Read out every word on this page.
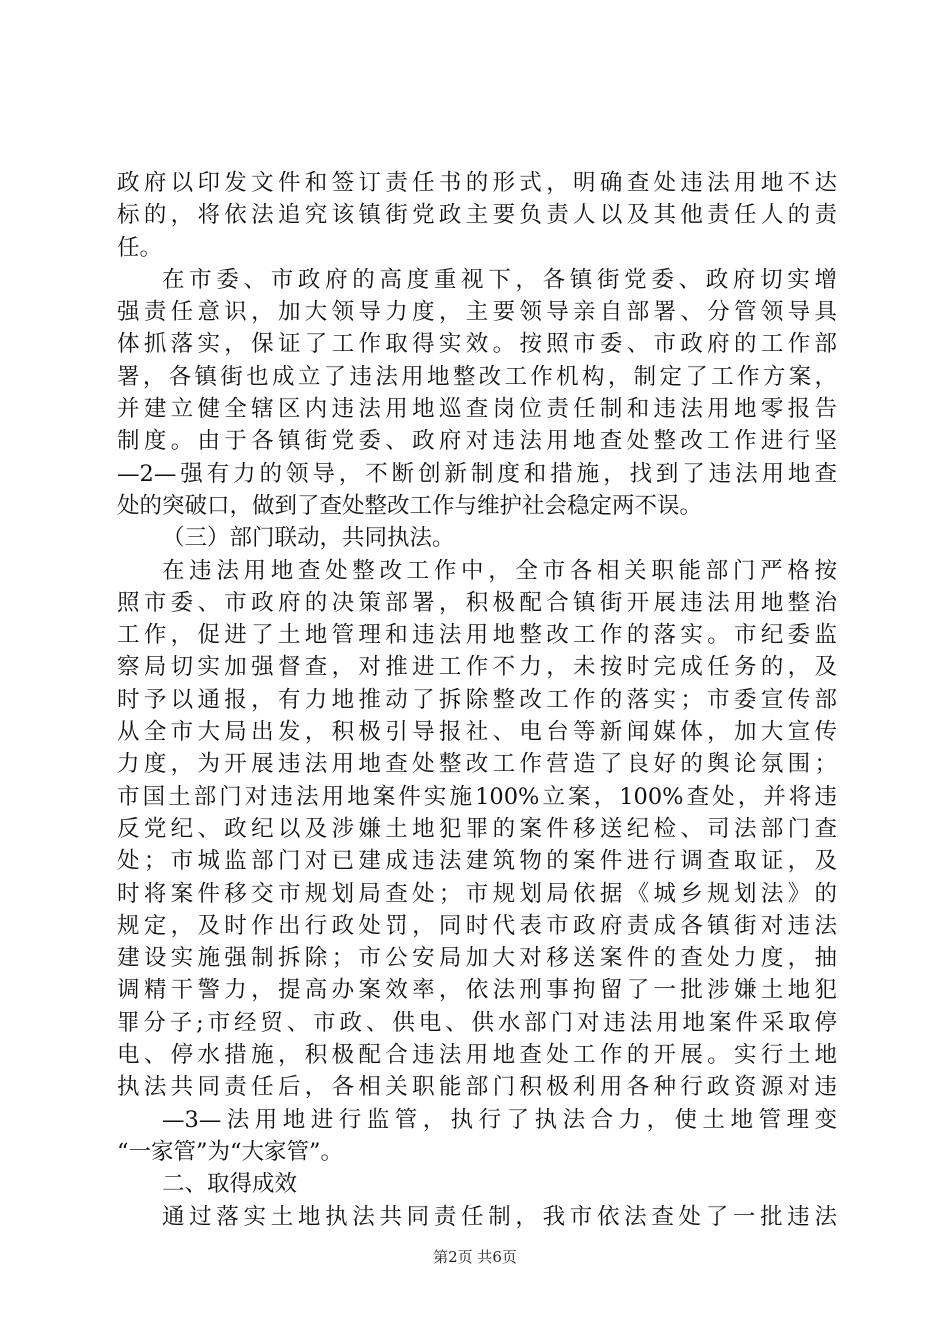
政府以印发文件和签订责任书的形式，明确查处违法用地不达
标的，将依法追究该镇街党政主要负责人以及其他责任人的责
任。
在市委、市政府的高度重视下，各镇街党委、政府切实增
强责任意识，加大领导力度，主要领导亲自部署、分管领导具
体抓落实，保证了工作取得实效。按照市委、市政府的工作部
署，各镇街也成立了违法用地整改工作机构，制定了工作方案，
并建立健全辖区内违法用地巡查岗位责任制和违法用地零报告
制度。由于各镇街党委、政府对违法用地查处整改工作进行坚
—2—强有力的领导，不断创新制度和措施，找到了违法用地查
处的突破口，做到了查处整改工作与维护社会稳定两不误。
（三）部门联动，共同执法。
在违法用地查处整改工作中，全市各相关职能部门严格按
照市委、市政府的决策部署，积极配合镇街开展违法用地整治
工作，促进了土地管理和违法用地整改工作的落实。市纪委监
察局切实加强督查，对推进工作不力，未按时完成任务的，及
时予以通报，有力地推动了拆除整改工作的落实；市委宣传部
从全市大局出发，积极引导报社、电台等新闻媒体，加大宣传
力度，为开展违法用地查处整改工作营造了良好的舆论氛围；
市国土部门对违法用地案件实施100%立案，100%查处，并将违
反党纪、政纪以及涉嫌土地犯罪的案件移送纪检、司法部门查
处；市城监部门对已建成违法建筑物的案件进行调查取证，及
时将案件移交市规划局查处；市规划局依据《城乡规划法》的
规定，及时作出行政处罚，同时代表市政府责成各镇街对违法
建设实施强制拆除；市公安局加大对移送案件的查处力度，抽
调精干警力，提高办案效率，依法刑事拘留了一批涉嫌土地犯
罪分子;市经贸、市政、供电、供水部门对违法用地案件采取停
电、停水措施，积极配合违法用地查处工作的开展。实行土地
执法共同责任后，各相关职能部门积极利用各种行政资源对违
—3—法用地进行监管，执行了执法合力，使土地管理变
“一家管”为“大家管”。
二、取得成效
通过落实土地执法共同责任制，我市依法查处了一批违法
第2页 共6页
